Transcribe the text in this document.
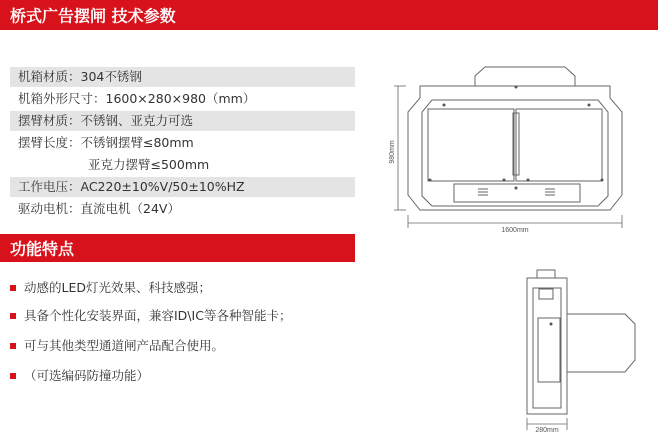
桥式广告摆闸 技术参数
机箱材质：304不锈钢
机箱外形尺寸：1600×280×980（mm）
摆臂材质：不锈钢、亚克力可选
摆臂长度：不锈钢摆臂≤80mm
亚克力摆臂≤500mm
工作电压：AC220±10%V/50±10%HZ
驱动电机：直流电机（24V）
功能特点
动感的LED灯光效果、科技感强；
具备个性化安装界面，兼容ID\IC等各种智能卡；
可与其他类型通道闸产品配合使用。
（可选编码防撞功能）
980mm
1600mm
280mm
